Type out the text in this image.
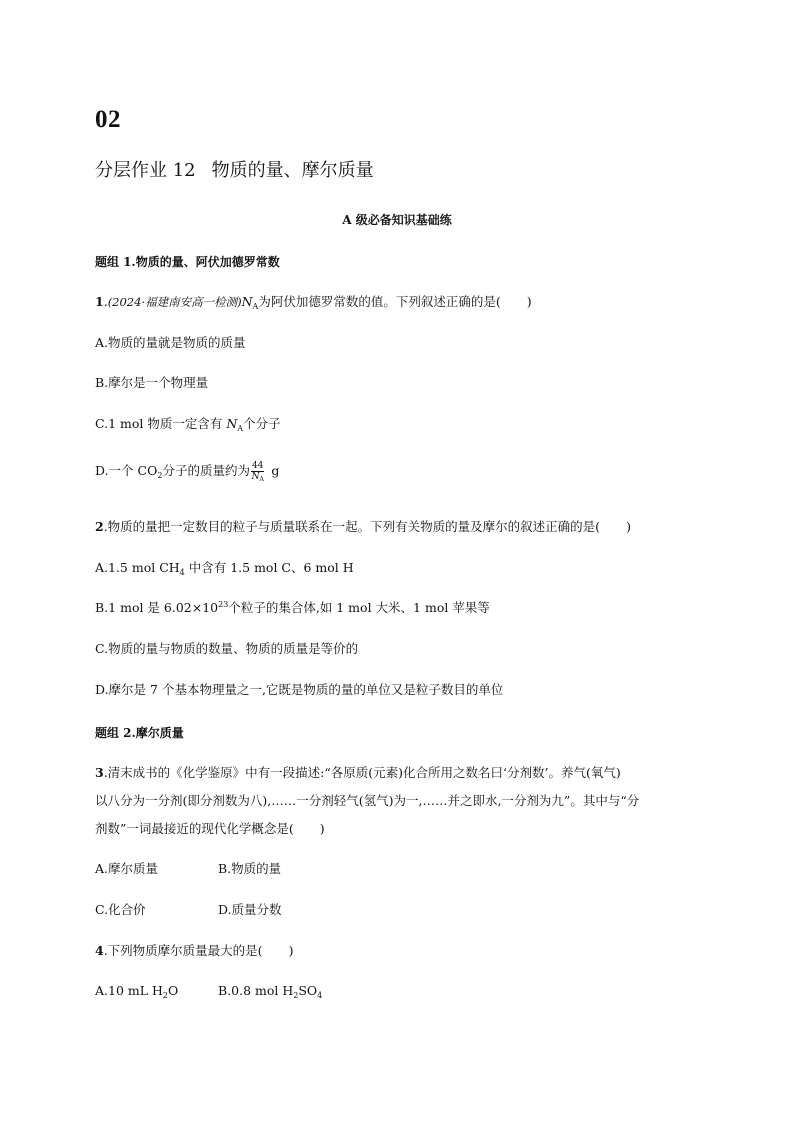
02
分层作业 12 物质的量、摩尔质量
A 级必备知识基础练
题组 1.物质的量、阿伏加德罗常数
1.(2024·福建南安高一检测)$N_A$为阿伏加德罗常数的值。下列叙述正确的是( )
A.物质的量就是物质的质量
B.摩尔是一个物理量
C.1 mol 物质一定含有 $N_A$个分子
D.一个 $CO_2$分子的质量约为 $\frac{44}{N_A}$ g
2.物质的量把一定数目的粒子与质量联系在一起。下列有关物质的量及摩尔的叙述正确的是( )
A.1.5 mol $CH_4$ 中含有 1.5 mol C、6 mol H
B.1 mol 是 $6.02\times 10^{23}$个粒子的集合体,如 1 mol 大米、1 mol 苹果等
C.物质的量与物质的数量、物质的质量是等价的
D.摩尔是 7 个基本物理量之一,它既是物质的量的单位又是粒子数目的单位
题组 2.摩尔质量
3.清末成书的《化学鉴原》中有一段描述:“各原质(元素)化合所用之数名曰‘分剂数’。养气(氧气)
以八分为一分剂(即分剂数为八),……一分剂轻气(氢气)为一,……并之即水,一分剂为九”。其中与“分
剂数”一词最接近的现代化学概念是( )
A.摩尔质量	B.物质的量
C.化合价	D.质量分数
4.下列物质摩尔质量最大的是( )
A.10 mL $H_2O$	B.0.8 mol $H_2SO_4$
